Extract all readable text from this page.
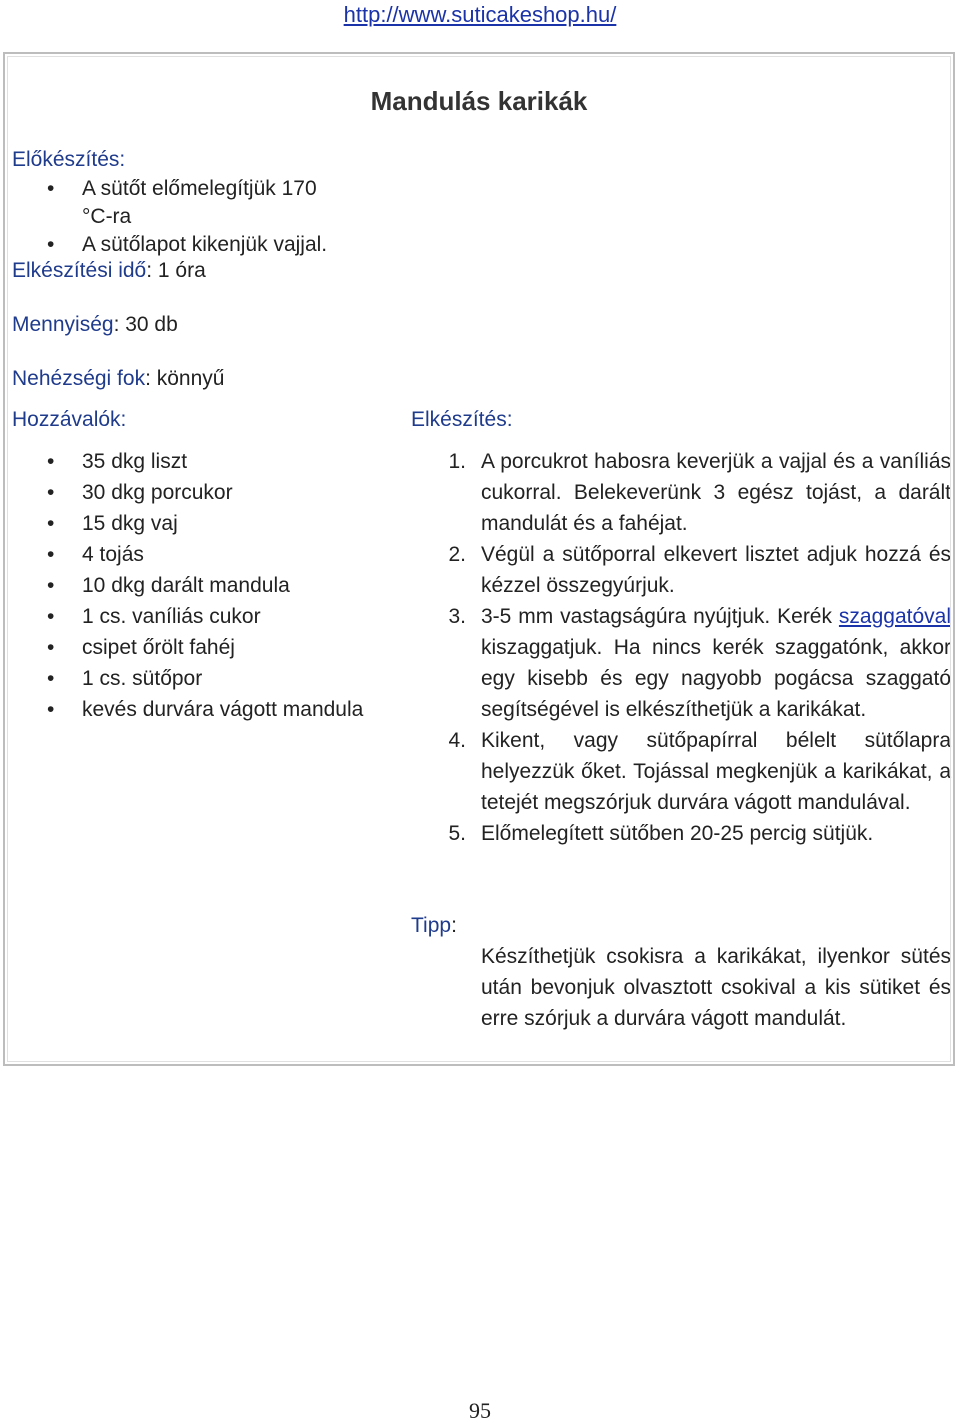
http://www.suticakeshop.hu/
Mandulás karikák
Előkészítés:
• A sütőt előmelegítjük 170 °C-ra
• A sütőlapot kikenjük vajjal.
Elkészítési idő: 1 óra
Mennyiség: 30 db
Nehézségi fok: könnyű
Hozzávalók:
• 35 dkg liszt
• 30 dkg porcukor
• 15 dkg vaj
• 4 tojás
• 10 dkg darált mandula
• 1 cs. vaníliás cukor
• csipet őrölt fahéj
• 1 cs. sütőpor
• kevés durvára vágott mandula
Elkészítés:
1. A porcukrot habosra keverjük a vajjal és a vaníliás cukorral. Belekeverünk 3 egész tojást, a darált mandulát és a fahéjat.
2. Végül a sütőporral elkevert lisztet adjuk hozzá és kézzel összegyúrjuk.
3. 3-5 mm vastagságúra nyújtjuk. Kerék szaggatóval kiszaggatjuk. Ha nincs kerék szaggatónk, akkor egy kisebb és egy nagyobb pogácsa szaggató segítségével is elkészíthetjük a karikákat.
4. Kikent, vagy sütőpapírral bélelt sütőlapra helyezzük őket. Tojással megkenjük a karikákat, a tetejét megszórjuk durvára vágott mandulával.
5. Előmelegített sütőben 20-25 percig sütjük.
Tipp:
Készíthetjük csokisra a karikákat, ilyenkor sütés után bevonjuk olvasztott csokival a kis sütiket és erre szórjuk a durvára vágott mandulát.
95
